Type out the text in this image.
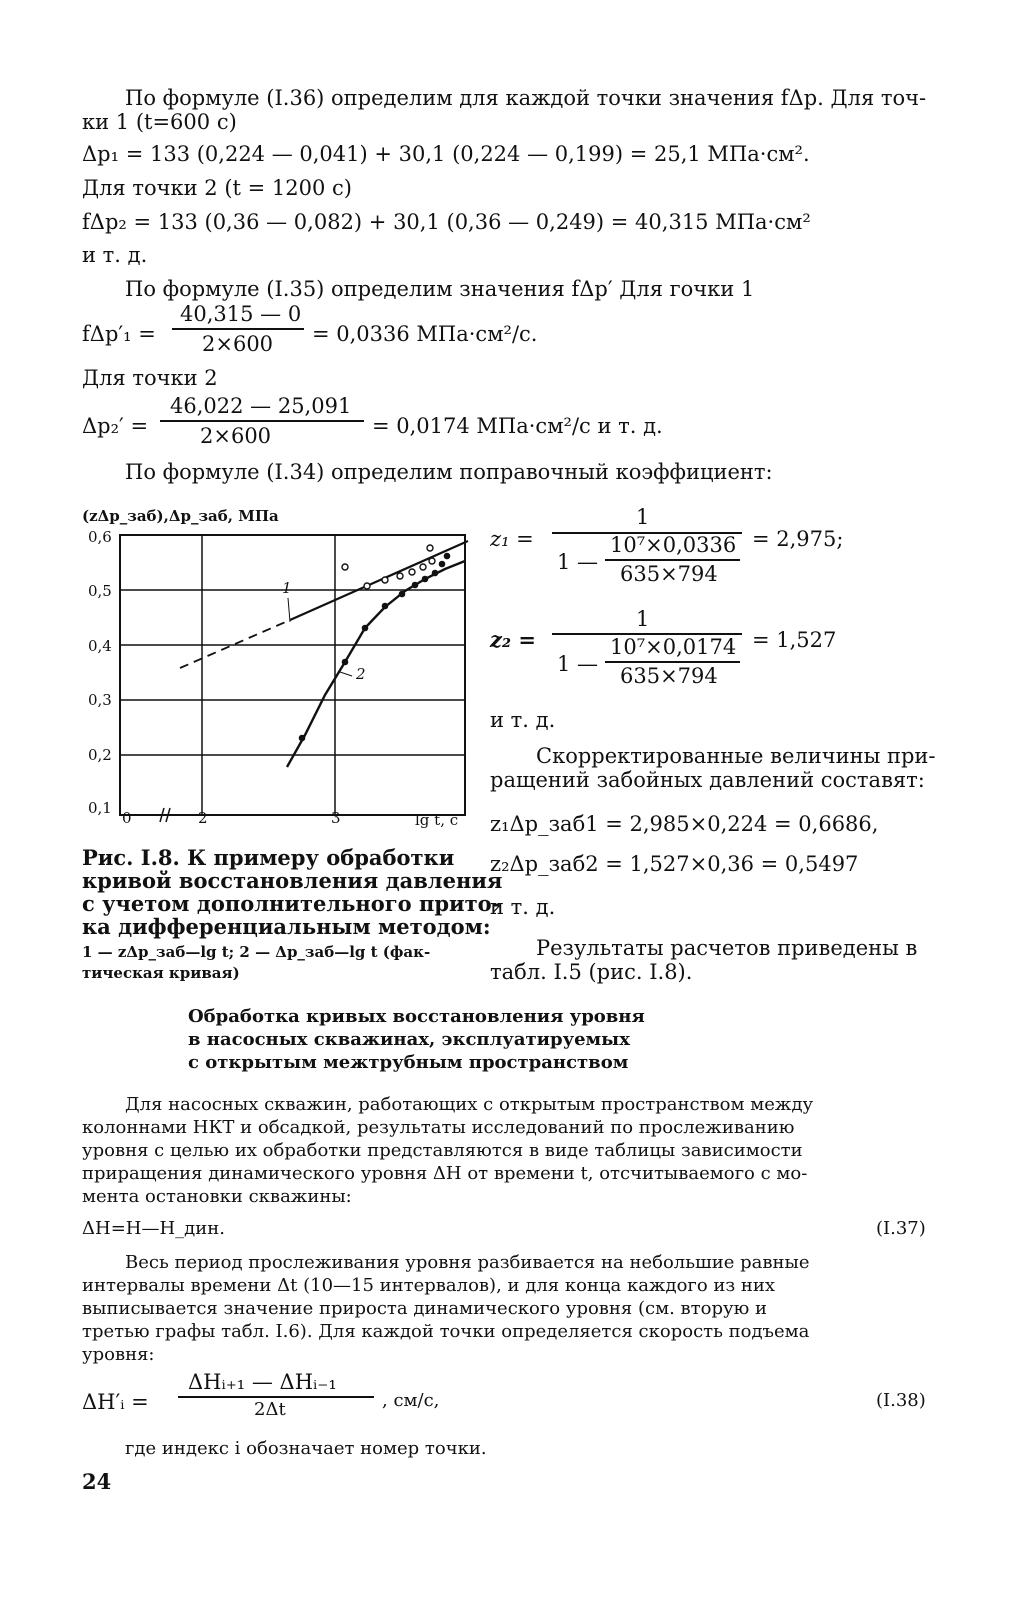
По формуле (I.36) определим для каждой точки значения fΔp. Для точ-
ки 1 (t=600 с)
Δp₁ = 133 (0,224 — 0,041) + 30,1 (0,224 — 0,199) = 25,1 МПа·см².
Для точки 2 (t = 1200 с)
fΔp₂ = 133 (0,36 — 0,082) + 30,1 (0,36 — 0,249) = 40,315 МПа·см²
и т. д.
По формуле (I.35) определим значения fΔp′ Для гочки 1
fΔp′₁ =
40,315 — 0
2×600 = 0,0336 МПа·см²/с.
Для точки 2
Δp₂′ =
46,022 — 25,091
2×600	= 0,0174 МПа·см²/с и т. д.
По формуле (I.34) определим поправочный коэффициент:
(zΔp_заб),Δp_заб, МПа
1
2
0,6
0,5
0,4
0,3
0,2
0,1
0	2	3	lg t, c
Рис. I.8. К примеру обработки
кривой восстановления давления
с учетом дополнительного прито-
ка дифференциальным методом:
1 — zΔp_заб—lg t; 2 — Δp_заб—lg t (фак-
тическая кривая)
z₁ =
1
1 —
10⁷×0,0336
635×794
= 2,975;
z₂ =
1
1 —
10⁷×0,0174
635×794
= 1,527
и т. д.
Скорректированные величины при-
ращений забойных давлений составят:
z₁Δp_заб1 = 2,985×0,224 = 0,6686,
z₂Δp_заб2 = 1,527×0,36 = 0,5497
и т. д.
Результаты расчетов приведены в
табл. I.5 (рис. I.8).
Обработка кривых восстановления уровня
в насосных скважинах, эксплуатируемых
с открытым межтрубным пространством
Для насосных скважин, работающих с открытым пространством между
колоннами НКТ и обсадкой, результаты исследований по прослеживанию
уровня с целью их обработки представляются в виде таблицы зависимости
приращения динамического уровня ΔH от времени t, отсчитываемого с мо-
мента остановки скважины:
ΔH=H—H_дин.	(I.37)
Весь период прослеживания уровня разбивается на небольшие равные
интервалы времени Δt (10—15 интервалов), и для конца каждого из них
выписывается значение прироста динамического уровня (см. вторую и
третью графы табл. I.6). Для каждой точки определяется скорость подъема
уровня:
ΔH′ᵢ =
ΔHᵢ₊₁ — ΔHᵢ₋₁
2Δt	, см/с,	(I.38)
где индекс i обозначает номер точки.
24
